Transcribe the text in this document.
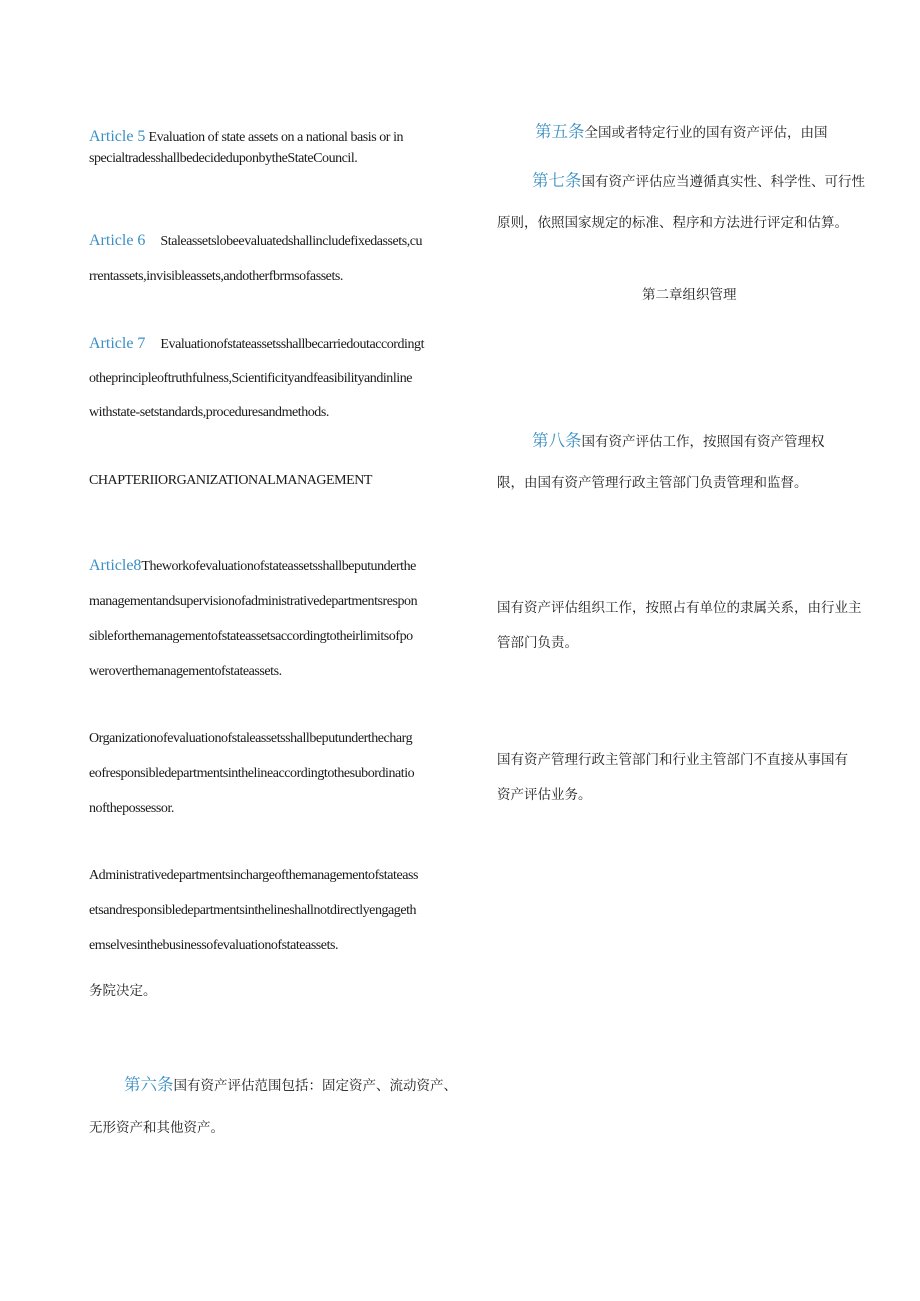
Article 5 Evaluation of state assets on a national basis or in
specialtradesshallbedecideduponbytheStateCouncil.
Article 6 Staleassetslobeevaluatedshallincludefixedassets,cu
rrentassets,invisibleassets,andotherfbrmsofassets.
Article 7 Evaluationofstateassetsshallbecarriedoutaccordingt
otheprincipleoftruthfulness,Scientificityandfeasibilityandinline
withstate-setstandards,proceduresandmethods.
CHAPTERIIORGANIZATIONALMANAGEMENT
Article8Theworkofevaluationofstateassetsshallbeputunderthe
managementandsupervisionofadministrativedepartmentsrespon
sibleforthemanagementofstateassetsaccordingtotheirlimitsofpo
weroverthemanagementofstateassets.
Organizationofevaluationofstaleassetsshallbeputunderthecharg
eofresponsibledepartmentsinthelineaccordingtothesubordinatio
nofthepossessor.
Administrativedepartmentsinchargeofthemanagementofstateass
etsandresponsibledepartmentsinthelineshallnotdirectlyengageth
emselvesinthebusinessofevaluationofstateassets.
务院决定。
第六条国有资产评估范围包括：固定资产、流动资产、
无形资产和其他资产。
第五条全国或者特定行业的国有资产评估，由国
第七条国有资产评估应当遵循真实性、科学性、可行性
原则，依照国家规定的标准、程序和方法进行评定和估算。
第二章组织管理
第八条国有资产评估工作，按照国有资产管理权
限，由国有资产管理行政主管部门负责管理和监督。
国有资产评估组织工作，按照占有单位的隶属关系，由行业主
管部门负责。
国有资产管理行政主管部门和行业主管部门不直接从事国有
资产评估业务。
